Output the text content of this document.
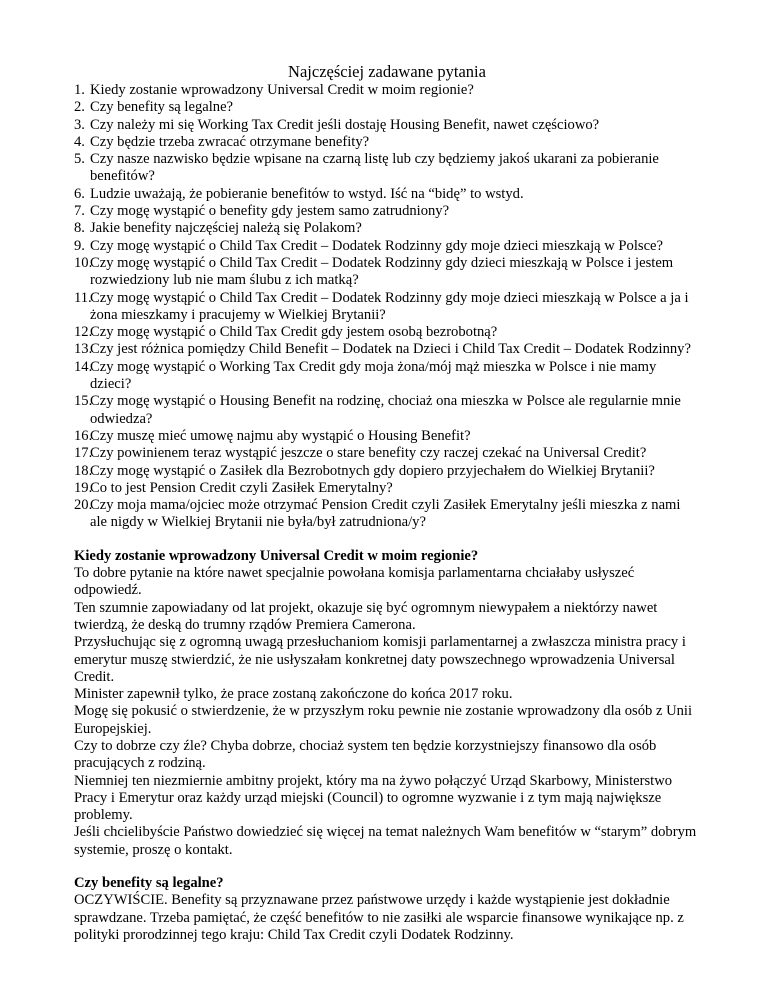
Najczęściej zadawane pytania
1. Kiedy zostanie wprowadzony Universal Credit w moim regionie?
2. Czy benefity są legalne?
3. Czy należy mi się Working Tax Credit jeśli dostaję Housing Benefit, nawet częściowo?
4. Czy będzie trzeba zwracać otrzymane benefity?
5. Czy nasze nazwisko będzie wpisane na czarną listę lub czy będziemy jakoś ukarani za pobieranie benefitów?
6. Ludzie uważają, że pobieranie benefitów to wstyd. Iść na “bidę” to wstyd.
7. Czy mogę wystąpić o benefity gdy jestem samo zatrudniony?
8. Jakie benefity najczęściej należą się Polakom?
9. Czy mogę wystąpić o Child Tax Credit – Dodatek Rodzinny gdy moje dzieci mieszkają w Polsce?
10.
Czy mogę wystąpić o Child Tax Credit – Dodatek Rodzinny gdy dzieci mieszkają w Polsce i jestem rozwiedziony lub nie mam ślubu z ich matką?
11.
Czy mogę wystąpić o Child Tax Credit – Dodatek Rodzinny gdy moje dzieci mieszkają w Polsce a ja i żona mieszkamy i pracujemy w Wielkiej Brytanii?
12.
Czy mogę wystąpić o Child Tax Credit gdy jestem osobą bezrobotną?
13.
Czy jest różnica pomiędzy Child Benefit – Dodatek na Dzieci i Child Tax Credit – Dodatek Rodzinny?
14.
Czy mogę wystąpić o Working Tax Credit gdy moja żona/mój mąż mieszka w Polsce i nie mamy dzieci?
15.
Czy mogę wystąpić o Housing Benefit na rodzinę, chociaż ona mieszka w Polsce ale regularnie mnie odwiedza?
16.
Czy muszę mieć umowę najmu aby wystąpić o Housing Benefit?
17.
Czy powinienem teraz wystąpić jeszcze o stare benefity czy raczej czekać na Universal Credit?
18.
Czy mogę wystąpić o Zasiłek dla Bezrobotnych gdy dopiero przyjechałem do Wielkiej Brytanii?
19.
Co to jest Pension Credit czyli Zasiłek Emerytalny?
20.
Czy moja mama/ojciec może otrzymać Pension Credit czyli Zasiłek Emerytalny jeśli mieszka z nami ale nigdy w Wielkiej Brytanii nie była/był zatrudniona/y?
Kiedy zostanie wprowadzony Universal Credit w moim regionie?

To dobre pytanie na które nawet specjalnie powołana komisja parlamentarna chciałaby usłyszeć odpowiedź.

Ten szumnie zapowiadany od lat projekt, okazuje się być ogromnym niewypałem a niektórzy nawet twierdzą, że deską do trumny rządów Premiera Camerona.

Przysłuchując się z ogromną uwagą przesłuchaniom komisji parlamentarnej a zwłaszcza ministra pracy i emerytur muszę stwierdzić, że nie usłyszałam konkretnej daty powszechnego wprowadzenia Universal Credit.

Minister zapewnił tylko, że prace zostaną zakończone do końca 2017 roku.

Mogę się pokusić o stwierdzenie, że w przyszłym roku pewnie nie zostanie wprowadzony dla osób z Unii Europejskiej.

Czy to dobrze czy źle? Chyba dobrze, chociaż system ten będzie korzystniejszy finansowo dla osób pracujących z rodziną.

Niemniej ten niezmiernie ambitny projekt, który ma na żywo połączyć Urząd Skarbowy, Ministerstwo Pracy i Emerytur oraz każdy urząd miejski (Council) to ogromne wyzwanie i z tym mają największe problemy.

Jeśli chcielibyście Państwo dowiedzieć się więcej na temat należnych Wam benefitów w “starym” dobrym systemie, proszę o kontakt.

Czy benefity są legalne?

OCZYWIŚCIE. Benefity są przyznawane przez państwowe urzędy i każde wystąpienie jest dokładnie sprawdzane. Trzeba pamiętać, że część benefitów to nie zasiłki ale wsparcie finansowe wynikające np. z polityki prorodzinnej tego kraju: Child Tax Credit czyli Dodatek Rodzinny.
